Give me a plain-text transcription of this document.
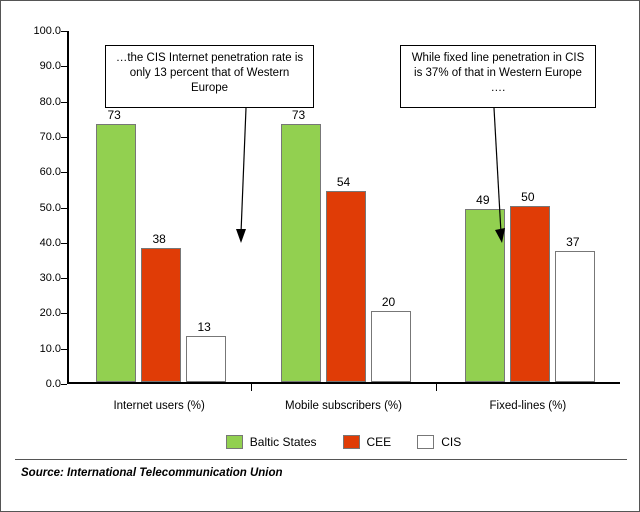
0.0
10.0
20.0
30.0
40.0
50.0
60.0
70.0
80.0
90.0
100.0
Internet users (%)	Mobile subscribers (%)	Fixed-lines (%)
…the CIS Internet penetration rate is only 13 percent that of Western Europe
While fixed line penetration in CIS is 37% of that in Western Europe ….
Baltic States	CEE	CIS
Source: International Telecommunication Union
73
38
13
73
54
20
49	50
37
